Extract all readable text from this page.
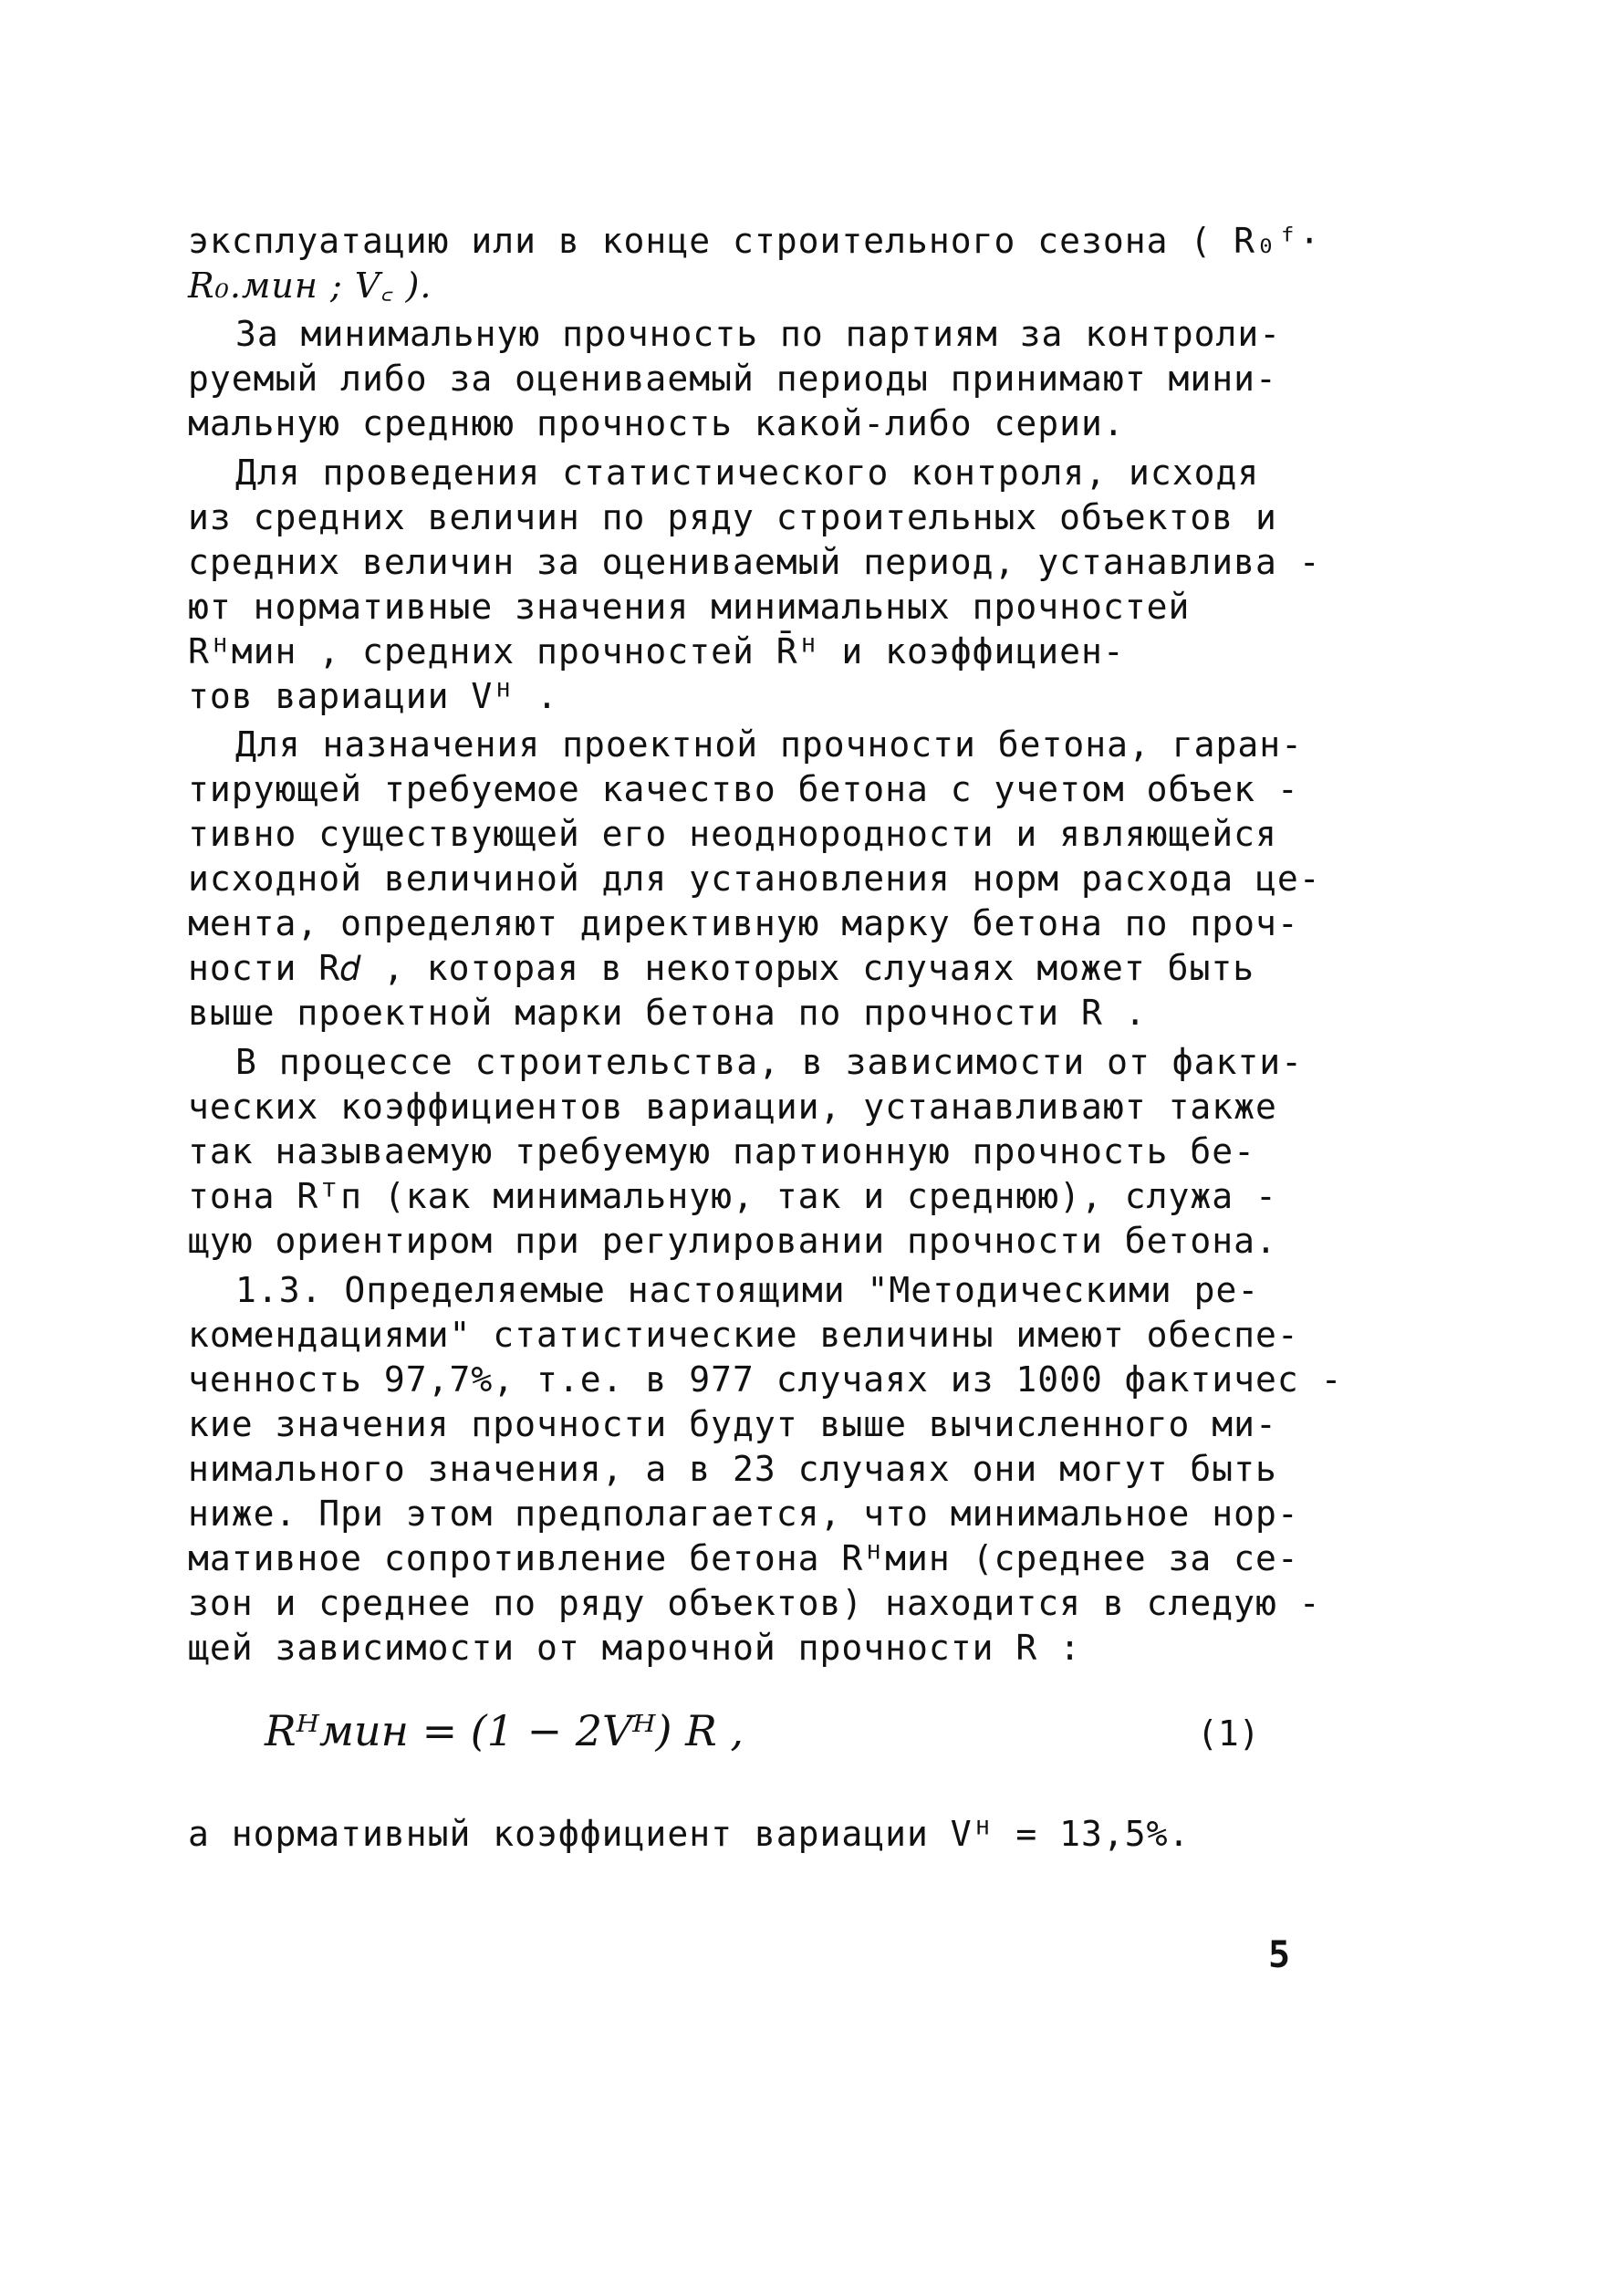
эксплуатацию или в конце строительного сезона ( R₀ᶠ·
R₀.мин ; V꜀ ).
За минимальную прочность по партиям за контроли-
руемый либо за оцениваемый периоды принимают мини-
мальную среднюю прочность какой-либо серии.
Для проведения статистического контроля, исходя
из средних величин по ряду строительных объектов и
средних величин за оцениваемый период, устанавлива -
ют нормативные значения минимальных прочностей
Rᴴмин , средних прочностей R̄ᴴ и коэффициен-
тов вариации Vᴴ .
Для назначения проектной прочности бетона, гаран-
тирующей требуемое качество бетона с учетом объек -
тивно существующей его неоднородности и являющейся
исходной величиной для установления норм расхода це-
мента, определяют директивную марку бетона по проч-
ности R𝑑 , которая в некоторых случаях может быть
выше проектной марки бетона по прочности R .
В процессе строительства, в зависимости от факти-
ческих коэффициентов вариации, устанавливают также
так называемую требуемую партионную прочность бе-
тона Rᵀп (как минимальную, так и среднюю), служа -
щую ориентиром при регулировании прочности бетона.
1.3. Определяемые настоящими "Методическими ре-
комендациями" статистические величины имеют обеспе-
ченность 97,7%, т.е. в 977 случаях из 1000 фактичес -
кие значения прочности будут выше вычисленного ми-
нимального значения, а в 23 случаях они могут быть
ниже. При этом предполагается, что минимальное нор-
мативное сопротивление бетона Rᴴмин (среднее за се-
зон и среднее по ряду объектов) находится в следую -
щей зависимости от марочной прочности R :
Rᴴмин = (1 − 2Vᴴ) R ,	(1)
а нормативный коэффициент вариации Vᴴ = 13,5%.
5
